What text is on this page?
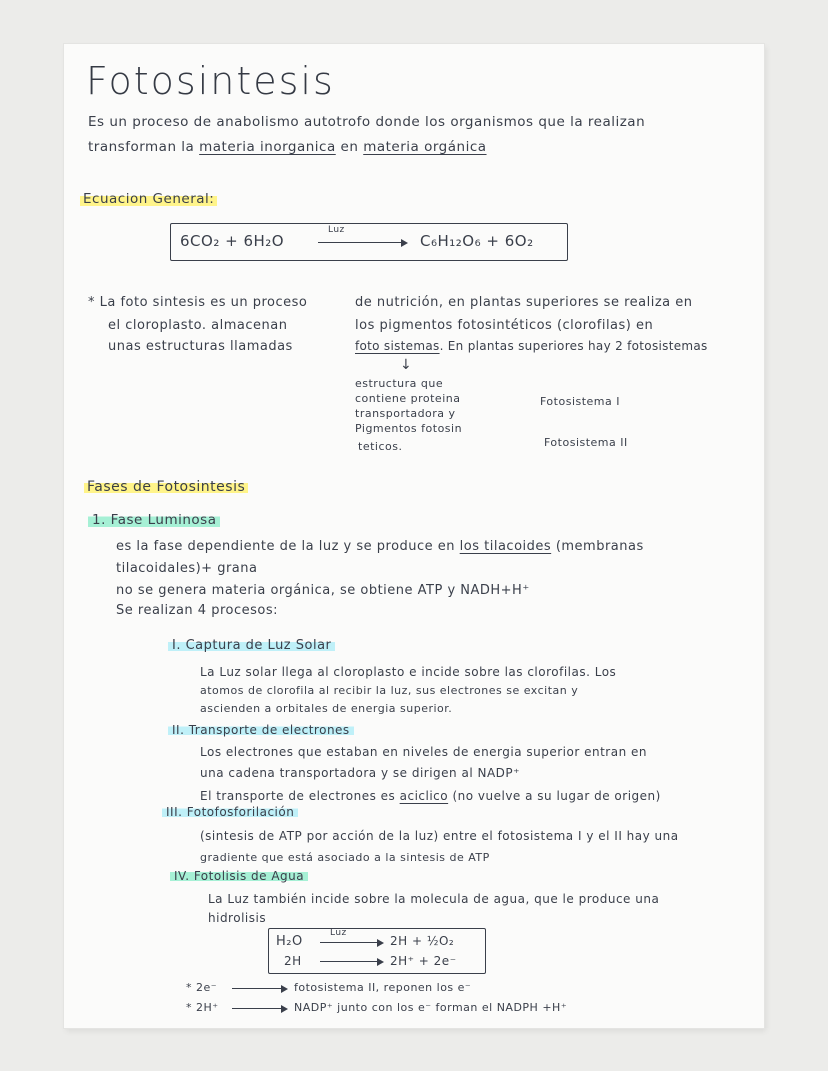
Fotosintesis
Es un proceso de anabolismo autotrofo donde los organismos que la realizan
transforman la materia inorganica en materia orgánica
Ecuacion General:
6CO₂ + 6H₂O
Luz
C₆H₁₂O₆ + 6O₂
* La foto sintesis es un proceso
el cloroplasto. almacenan
unas estructuras llamadas
de nutrición, en plantas superiores se realiza en
los pigmentos fotosintéticos (clorofilas) en
foto sistemas. En plantas superiores hay 2 fotosistemas
↓
estructura que
contiene proteina
transportadora y
Pigmentos fotosin
teticos.
Fotosistema I
Fotosistema II
Fases de Fotosintesis
1. Fase Luminosa
es la fase dependiente de la luz y se produce en los tilacoides (membranas
tilacoidales)+ grana
no se genera materia orgánica, se obtiene ATP y NADH+H⁺
Se realizan 4 procesos:
I. Captura de Luz Solar
La Luz solar llega al cloroplasto e incide sobre las clorofilas. Los
atomos de clorofila al recibir la luz, sus electrones se excitan y
ascienden a orbitales de energia superior.
II. Transporte de electrones
Los electrones que estaban en niveles de energia superior entran en
una cadena transportadora y se dirigen al NADP⁺
El transporte de electrones es aciclico (no vuelve a su lugar de origen)
III. Fotofosforilación
(sintesis de ATP por acción de la luz) entre el fotosistema I y el II hay una
gradiente que está asociado a la sintesis de ATP
IV. Fotolisis de Agua
La Luz también incide sobre la molecula de agua, que le produce una
hidrolisis
H₂O
Luz
2H + ½O₂
2H	2H⁺ + 2e⁻
* 2e⁻	fotosistema II, reponen los e⁻
* 2H⁺	NADP⁺ junto con los e⁻ forman el NADPH +H⁺
